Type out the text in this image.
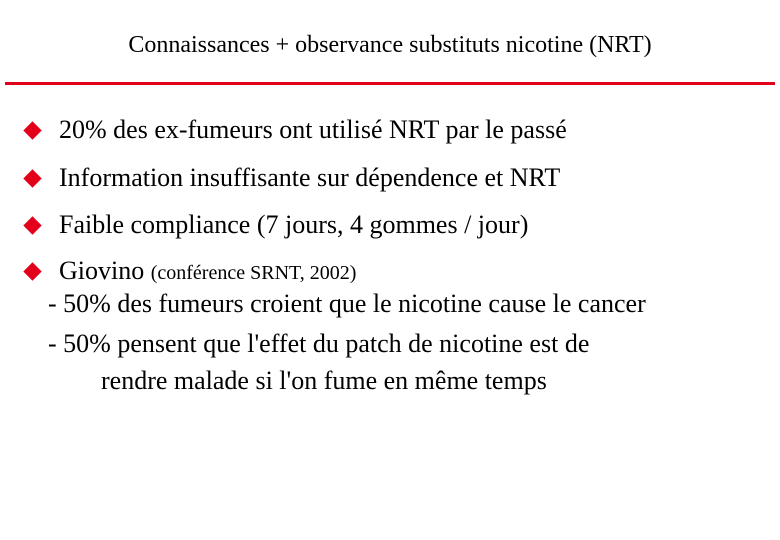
Connaissances + observance substituts nicotine (NRT)
20% des ex-fumeurs ont utilisé NRT par le passé
Information insuffisante sur dépendence et NRT
Faible compliance (7 jours, 4 gommes / jour)
Giovino (conférence SRNT, 2002)
- 50% des fumeurs croient que le nicotine cause le cancer
- 50% pensent que l'effet du patch de nicotine est de
rendre malade si l'on fume en même temps
